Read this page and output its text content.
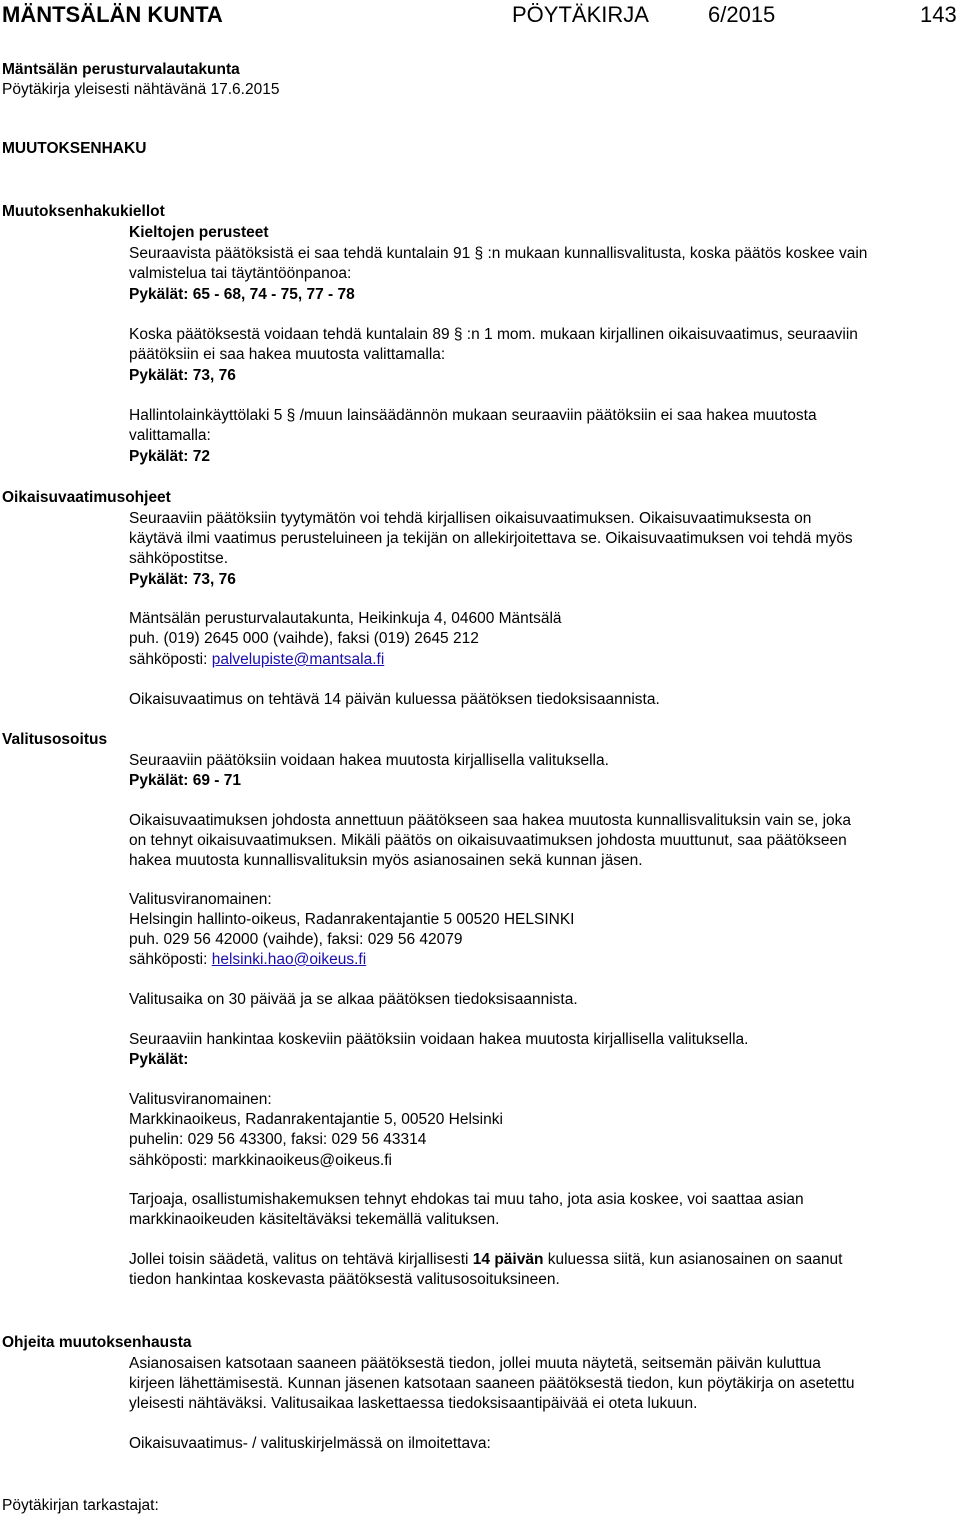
MÄNTSÄLÄN KUNTA	PÖYTÄKIRJA	6/2015	143
Mäntsälän perusturvalautakunta
Pöytäkirja yleisesti nähtävänä 17.6.2015
MUUTOKSENHAKU
Muutoksenhakukiellot
Kieltojen perusteet
Seuraavista päätöksistä ei saa tehdä kuntalain 91 § :n mukaan kunnallisvalitusta, koska päätös koskee vain
valmistelua tai täytäntöönpanoa:
Pykälät: 65 - 68, 74 - 75, 77 - 78
Koska päätöksestä voidaan tehdä kuntalain 89 § :n 1 mom. mukaan kirjallinen oikaisuvaatimus, seuraaviin
päätöksiin ei saa hakea muutosta valittamalla:
Pykälät: 73, 76
Hallintolainkäyttölaki 5 § /muun lainsäädännön mukaan seuraaviin päätöksiin ei saa hakea muutosta
valittamalla:
Pykälät: 72
Oikaisuvaatimusohjeet
Seuraaviin päätöksiin tyytymätön voi tehdä kirjallisen oikaisuvaatimuksen. Oikaisuvaatimuksesta on
käytävä ilmi vaatimus perusteluineen ja tekijän on allekirjoitettava se. Oikaisuvaatimuksen voi tehdä myös
sähköpostitse.
Pykälät: 73, 76
Mäntsälän perusturvalautakunta, Heikinkuja 4, 04600 Mäntsälä
puh. (019) 2645 000 (vaihde), faksi (019) 2645 212
sähköposti: palvelupiste@mantsala.fi
Oikaisuvaatimus on tehtävä 14 päivän kuluessa päätöksen tiedoksisaannista.
Valitusosoitus
Seuraaviin päätöksiin voidaan hakea muutosta kirjallisella valituksella.
Pykälät: 69 - 71
Oikaisuvaatimuksen johdosta annettuun päätökseen saa hakea muutosta kunnallisvalituksin vain se, joka
on tehnyt oikaisuvaatimuksen. Mikäli päätös on oikaisuvaatimuksen johdosta muuttunut, saa päätökseen
hakea muutosta kunnallisvalituksin myös asianosainen sekä kunnan jäsen.
Valitusviranomainen:
Helsingin hallinto-oikeus, Radanrakentajantie 5 00520 HELSINKI
puh. 029 56 42000 (vaihde), faksi: 029 56 42079
sähköposti: helsinki.hao@oikeus.fi
Valitusaika on 30 päivää ja se alkaa päätöksen tiedoksisaannista.
Seuraaviin hankintaa koskeviin päätöksiin voidaan hakea muutosta kirjallisella valituksella.
Pykälät:
Valitusviranomainen:
Markkinaoikeus, Radanrakentajantie 5, 00520 Helsinki
puhelin: 029 56 43300, faksi: 029 56 43314
sähköposti: markkinaoikeus@oikeus.fi
Tarjoaja, osallistumishakemuksen tehnyt ehdokas tai muu taho, jota asia koskee, voi saattaa asian
markkinaoikeuden käsiteltäväksi tekemällä valituksen.
Jollei toisin säädetä, valitus on tehtävä kirjallisesti 14 päivän kuluessa siitä, kun asianosainen on saanut
tiedon hankintaa koskevasta päätöksestä valitusosoituksineen.
Ohjeita muutoksenhausta
Asianosaisen katsotaan saaneen päätöksestä tiedon, jollei muuta näytetä, seitsemän päivän kuluttua
kirjeen lähettämisestä. Kunnan jäsenen katsotaan saaneen päätöksestä tiedon, kun pöytäkirja on asetettu
yleisesti nähtäväksi. Valitusaikaa laskettaessa tiedoksisaantipäivää ei oteta lukuun.
Oikaisuvaatimus- / valituskirjelmässä on ilmoitettava:
Pöytäkirjan tarkastajat:
